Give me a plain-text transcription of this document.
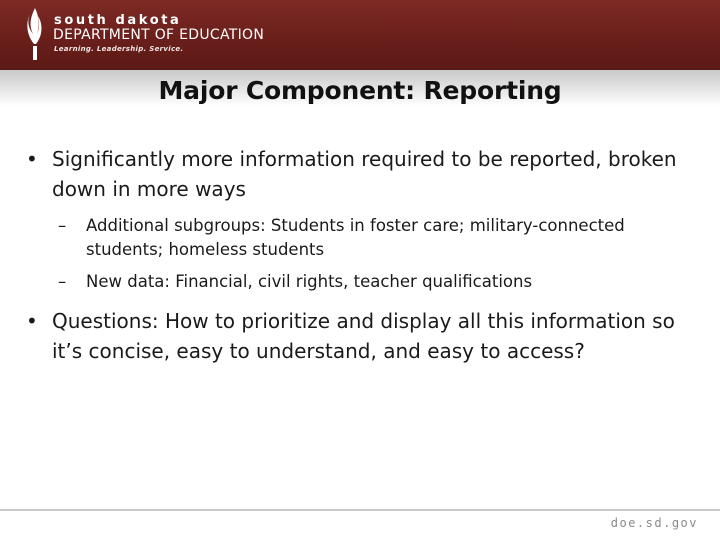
south dakota
DEPARTMENT OF EDUCATION
Learning. Leadership. Service.
Major Component: Reporting
• Significantly more information required to be reported, broken down in more ways
– Additional subgroups: Students in foster care; military-connected students; homeless students
– New data: Financial, civil rights, teacher qualifications
• Questions: How to prioritize and display all this information so it’s concise, easy to understand, and easy to access?
doe.sd.gov
